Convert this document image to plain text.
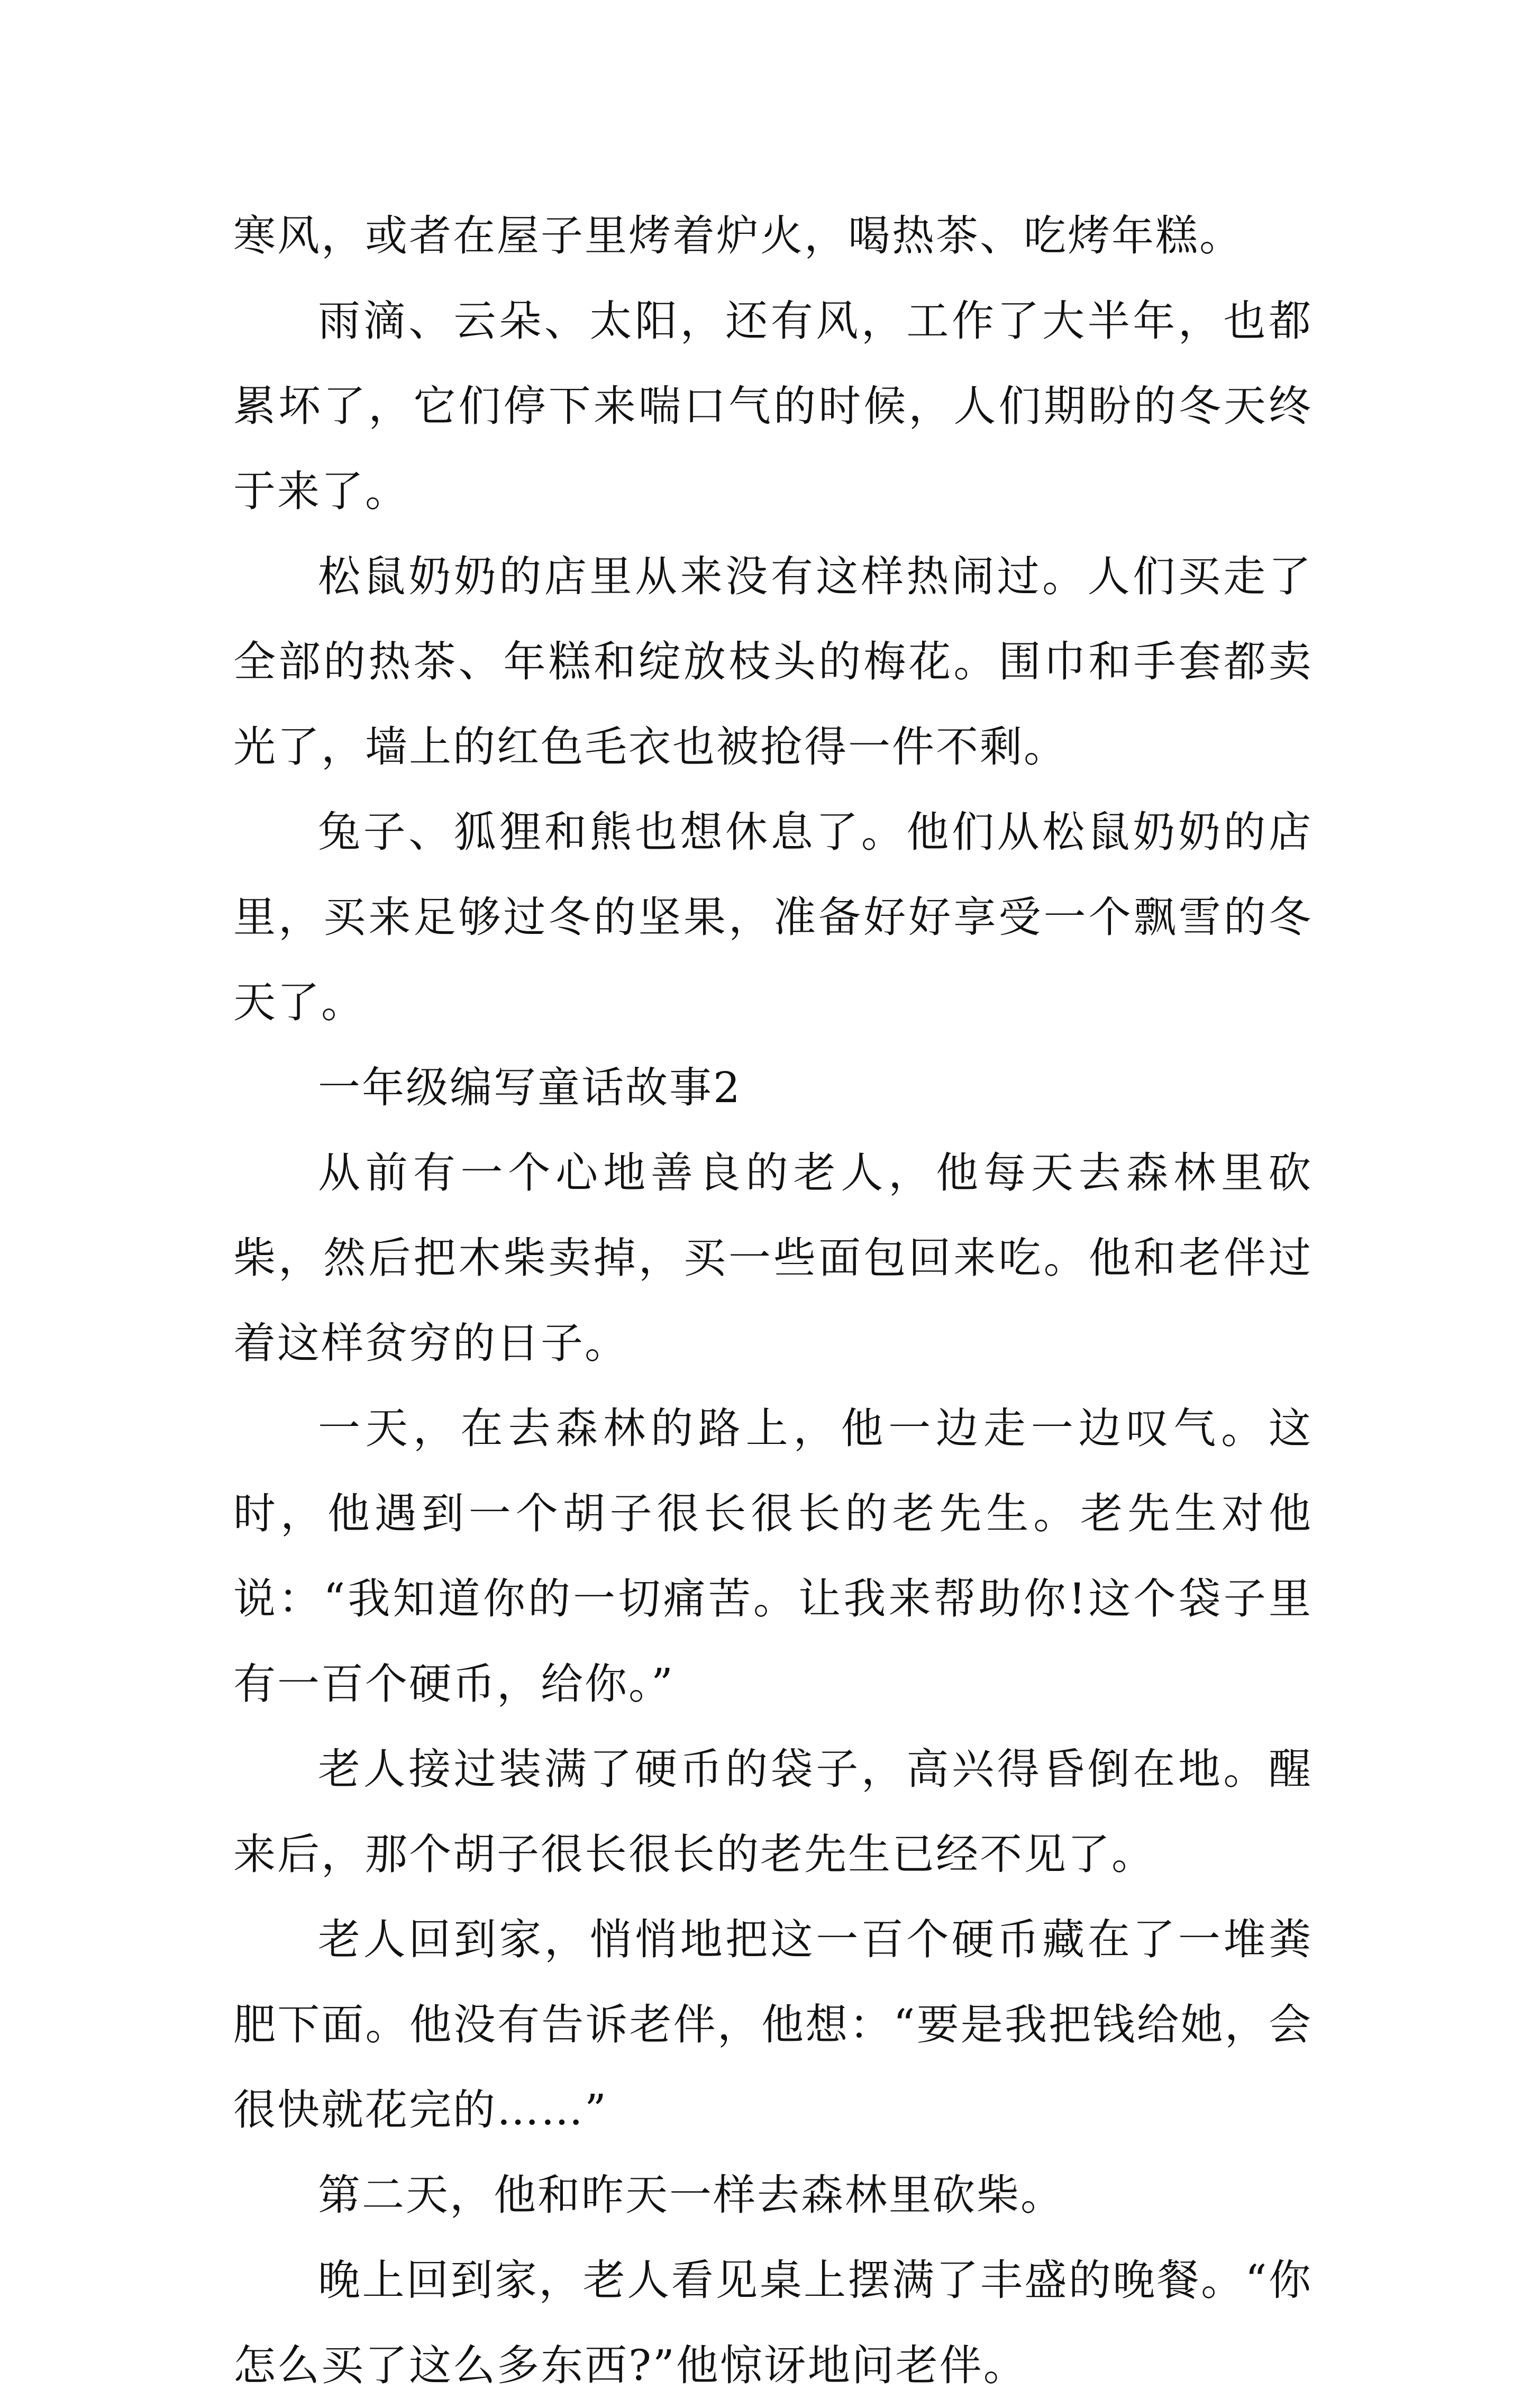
寒风，或者在屋子里烤着炉火，喝热茶、吃烤年糕。

雨滴、云朵、太阳，还有风，工作了大半年，也都累坏了，它们停下来喘口气的时候，人们期盼的冬天终于来了。

松鼠奶奶的店里从来没有这样热闹过。人们买走了全部的热茶、年糕和绽放枝头的梅花。围巾和手套都卖光了，墙上的红色毛衣也被抢得一件不剩。

兔子、狐狸和熊也想休息了。他们从松鼠奶奶的店里，买来足够过冬的坚果，准备好好享受一个飘雪的冬天了。

一年级编写童话故事2

从前有一个心地善良的老人，他每天去森林里砍柴，然后把木柴卖掉，买一些面包回来吃。他和老伴过着这样贫穷的日子。

一天，在去森林的路上，他一边走一边叹气。这时，他遇到一个胡子很长很长的老先生。老先生对他说：“我知道你的一切痛苦。让我来帮助你!这个袋子里有一百个硬币，给你。”

老人接过装满了硬币的袋子，高兴得昏倒在地。醒来后，那个胡子很长很长的老先生已经不见了。

老人回到家，悄悄地把这一百个硬币藏在了一堆粪肥下面。他没有告诉老伴，他想：“要是我把钱给她，会很快就花完的……”

第二天，他和昨天一样去森林里砍柴。

晚上回到家，老人看见桌上摆满了丰盛的晚餐。“你怎么买了这么多东西?”他惊讶地问老伴。
